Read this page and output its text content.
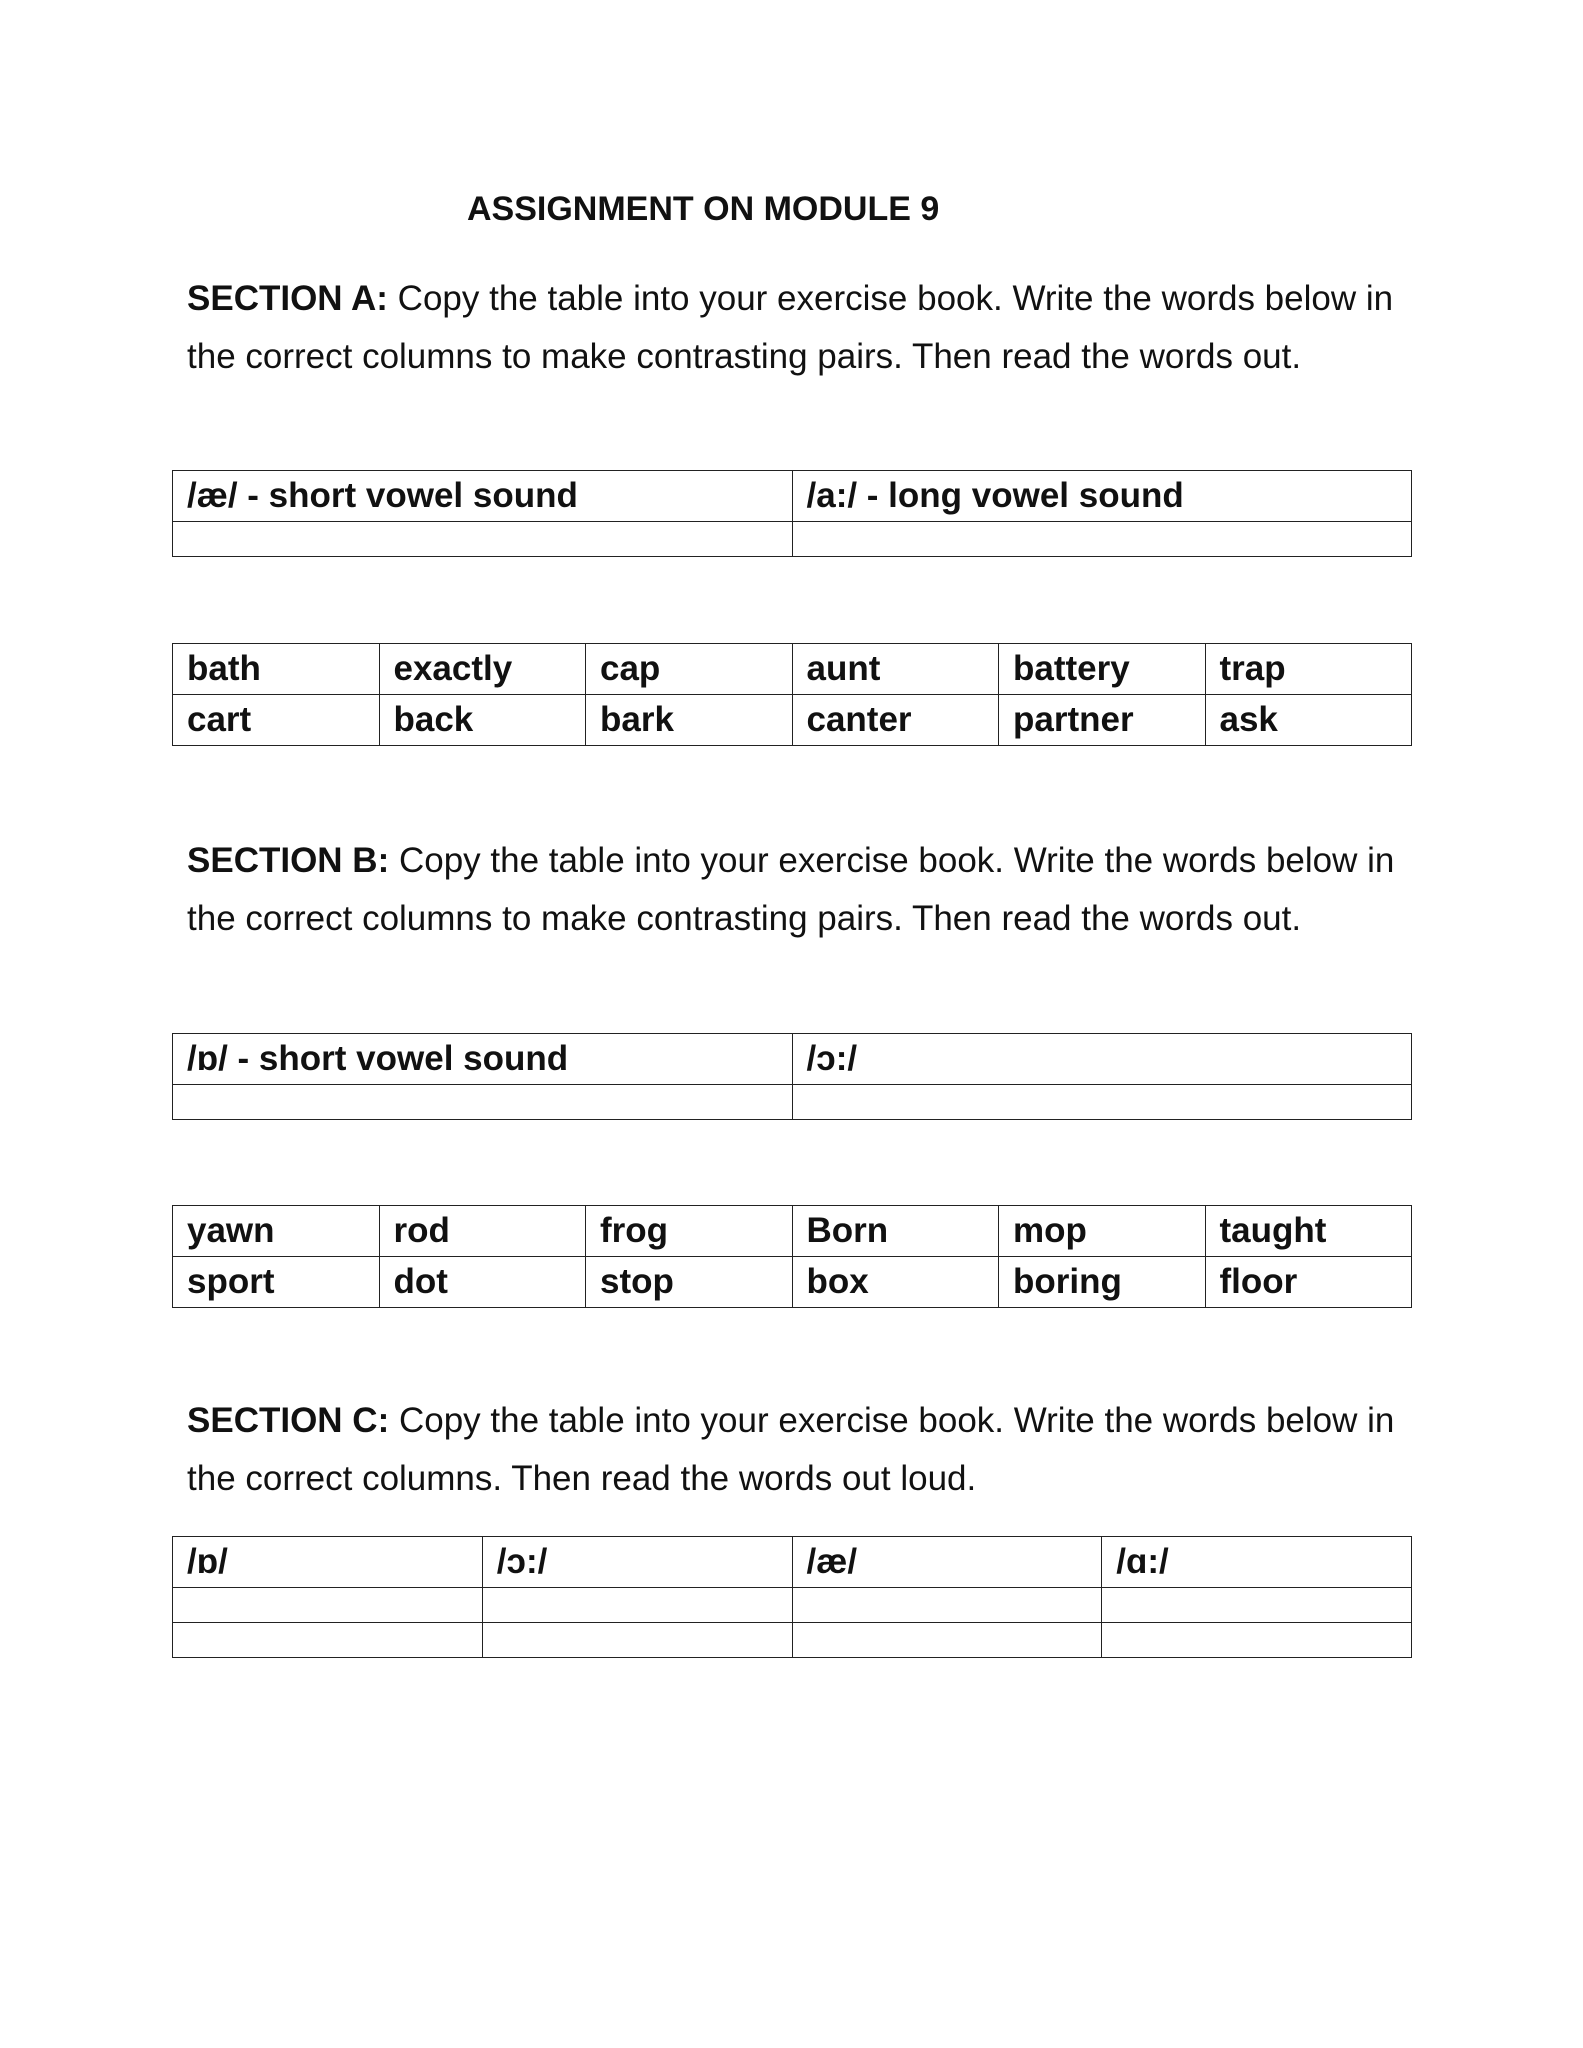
ASSIGNMENT ON MODULE 9
SECTION A: Copy the table into your exercise book. Write the words below in the correct columns to make contrasting pairs. Then read the words out.
/æ/ - short vowel sound	/a:/ - long vowel sound

bath	exactly	cap	aunt	battery	trap
cart	back	bark	canter	partner	ask
SECTION B: Copy the table into your exercise book. Write the words below in the correct columns to make contrasting pairs. Then read the words out.
/ɒ/ - short vowel sound	/ɔ:/

yawn	rod	frog	Born	mop	taught
sport	dot	stop	box	boring	floor
SECTION C: Copy the table into your exercise book. Write the words below in the correct columns. Then read the words out loud.
/ɒ/	/ɔ:/	/æ/	/ɑ:/
